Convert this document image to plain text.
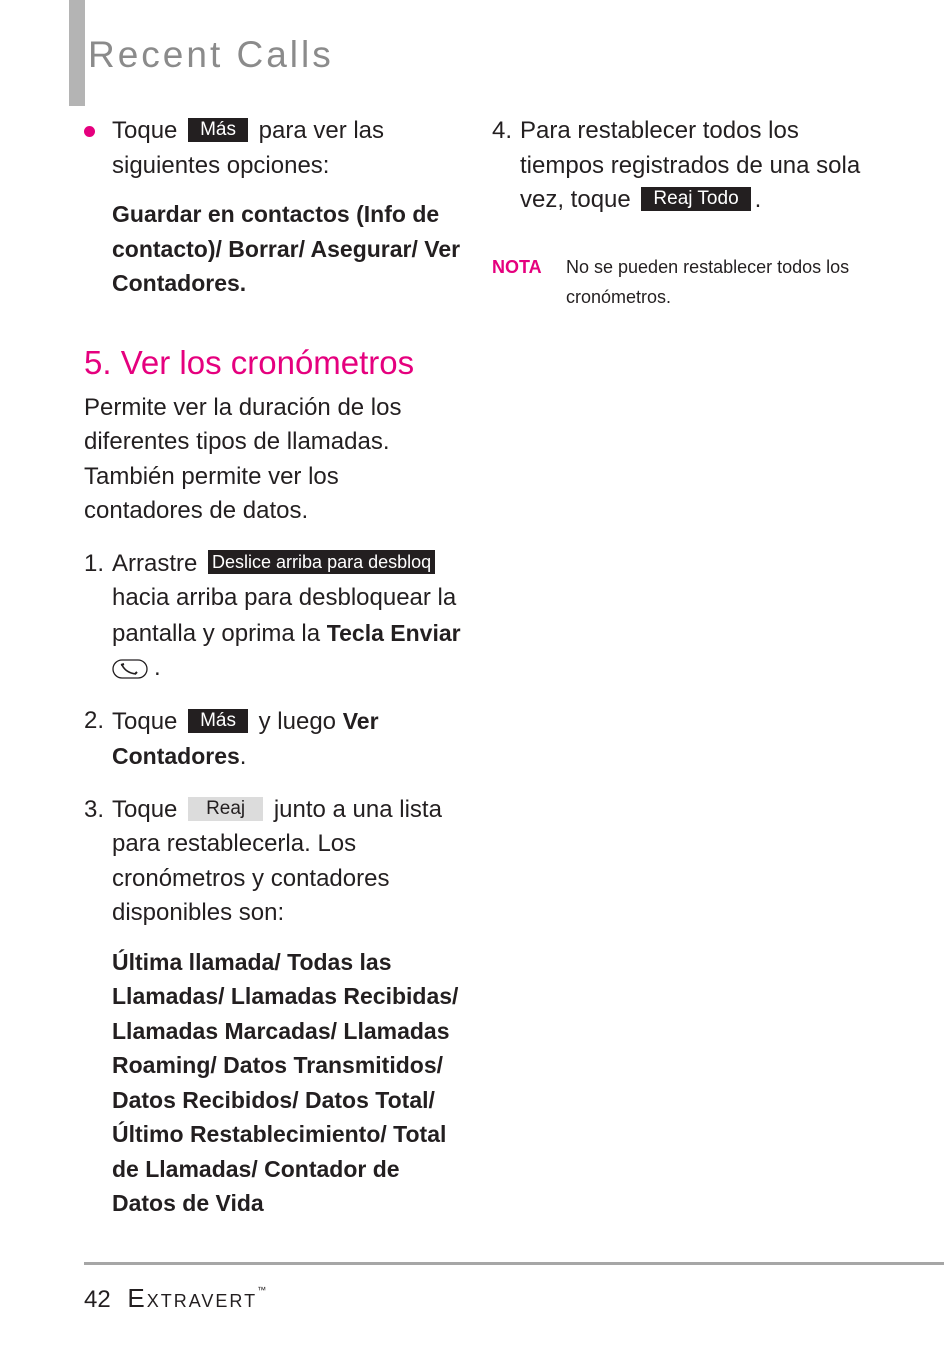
Recent Calls
Toque Más para ver las siguientes opciones:

Guardar en contactos (Info de contacto)/ Borrar/ Asegurar/ Ver Contadores.

5. Ver los cronómetros

Permite ver la duración de los diferentes tipos de llamadas. También permite ver los contadores de datos.

1. Arrastre Deslice arriba para desbloq hacia arriba para desbloquear la pantalla y oprima la Tecla Enviar
.
2. Toque Más y luego Ver Contadores.
3. Toque Reaj junto a una lista para restablecerla. Los cronómetros y contadores disponibles son:

Última llamada/ Todas las Llamadas/ Llamadas Recibidas/ Llamadas Marcadas/ Llamadas Roaming/ Datos Transmitidos/ Datos Recibidos/ Datos Total/ Último Restablecimiento/ Total de Llamadas/ Contador de Datos de Vida

4. Para restablecer todos los tiempos registrados de una sola vez, toque Reaj Todo .
NOTA No se pueden restablecer todos los cronómetros.
42 Extravert™
